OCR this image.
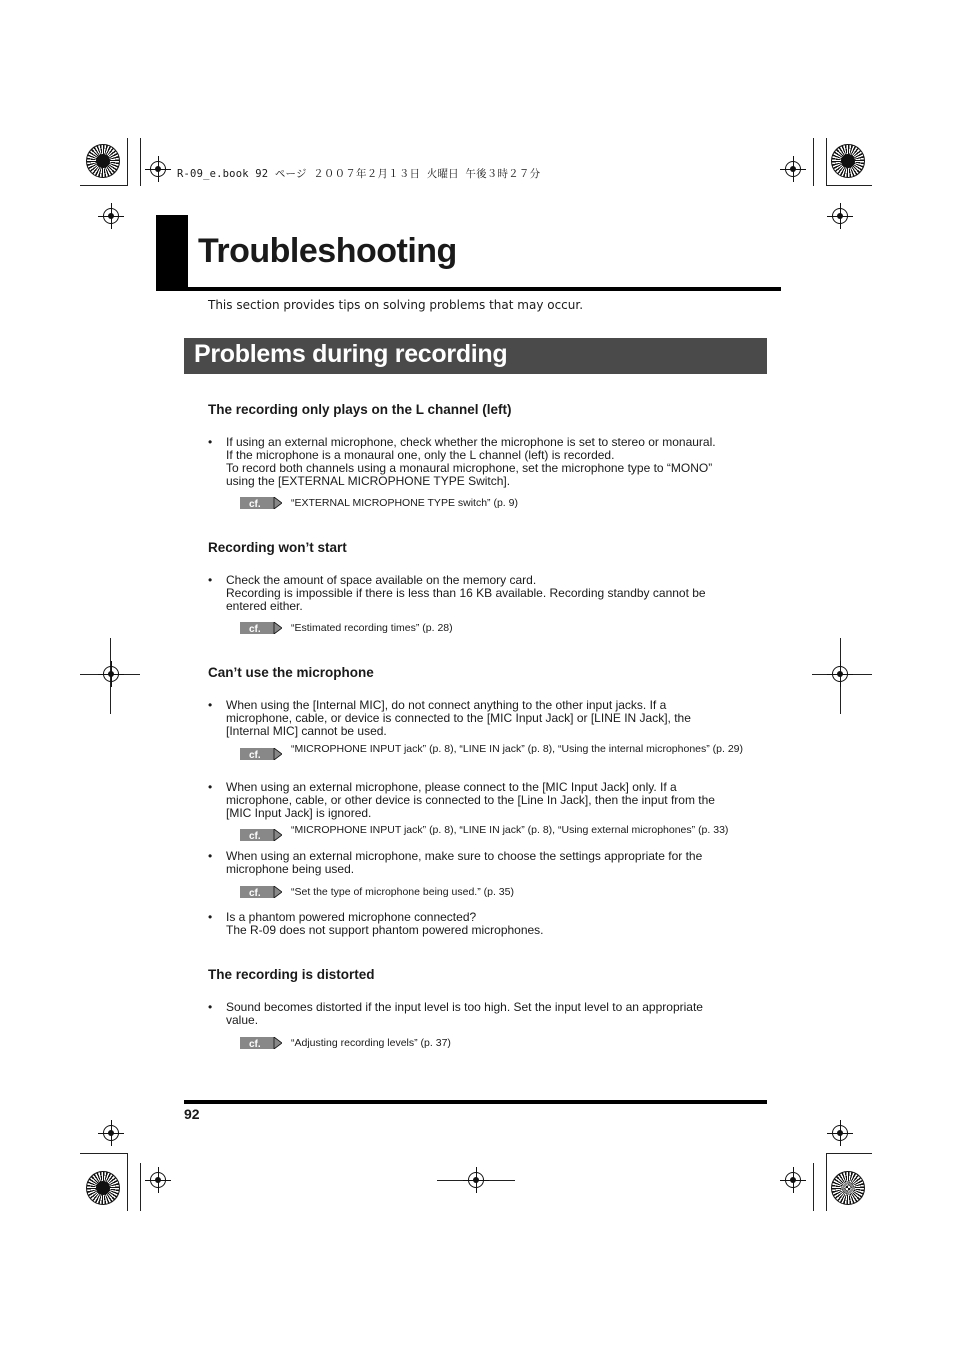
R-09_e.book 92 ページ ２００７年２月１３日 火曜日 午後３時２７分
Troubleshooting
This section provides tips on solving problems that may occur.
Problems during recording
The recording only plays on the L channel (left)
• If using an external microphone, check whether the microphone is set to stereo or monaural.
If the microphone is a monaural one, only the L channel (left) is recorded.
To record both channels using a monaural microphone, set the microphone type to “MONO”
using the [EXTERNAL MICROPHONE TYPE Switch].
cf.	“EXTERNAL MICROPHONE TYPE switch” (p. 9)
Recording won’t start
• Check the amount of space available on the memory card.
Recording is impossible if there is less than 16 KB available. Recording standby cannot be
entered either.
cf.	“Estimated recording times” (p. 28)
Can’t use the microphone
• When using the [Internal MIC], do not connect anything to the other input jacks. If a
microphone, cable, or device is connected to the [MIC Input Jack] or [LINE IN Jack], the
[Internal MIC] cannot be used.
cf.
“MICROPHONE INPUT jack” (p. 8), “LINE IN jack” (p. 8), “Using the internal microphones” (p. 29)
• When using an external microphone, please connect to the [MIC Input Jack] only. If a
microphone, cable, or other device is connected to the [Line In Jack], then the input from the
[MIC Input Jack] is ignored.
cf.
“MICROPHONE INPUT jack” (p. 8), “LINE IN jack” (p. 8), “Using external microphones” (p. 33)
• When using an external microphone, make sure to choose the settings appropriate for the
microphone being used.
cf.	“Set the type of microphone being used.” (p. 35)
• Is a phantom powered microphone connected?
The R-09 does not support phantom powered microphones.
The recording is distorted
• Sound becomes distorted if the input level is too high. Set the input level to an appropriate
value.
cf.	“Adjusting recording levels” (p. 37)
92
